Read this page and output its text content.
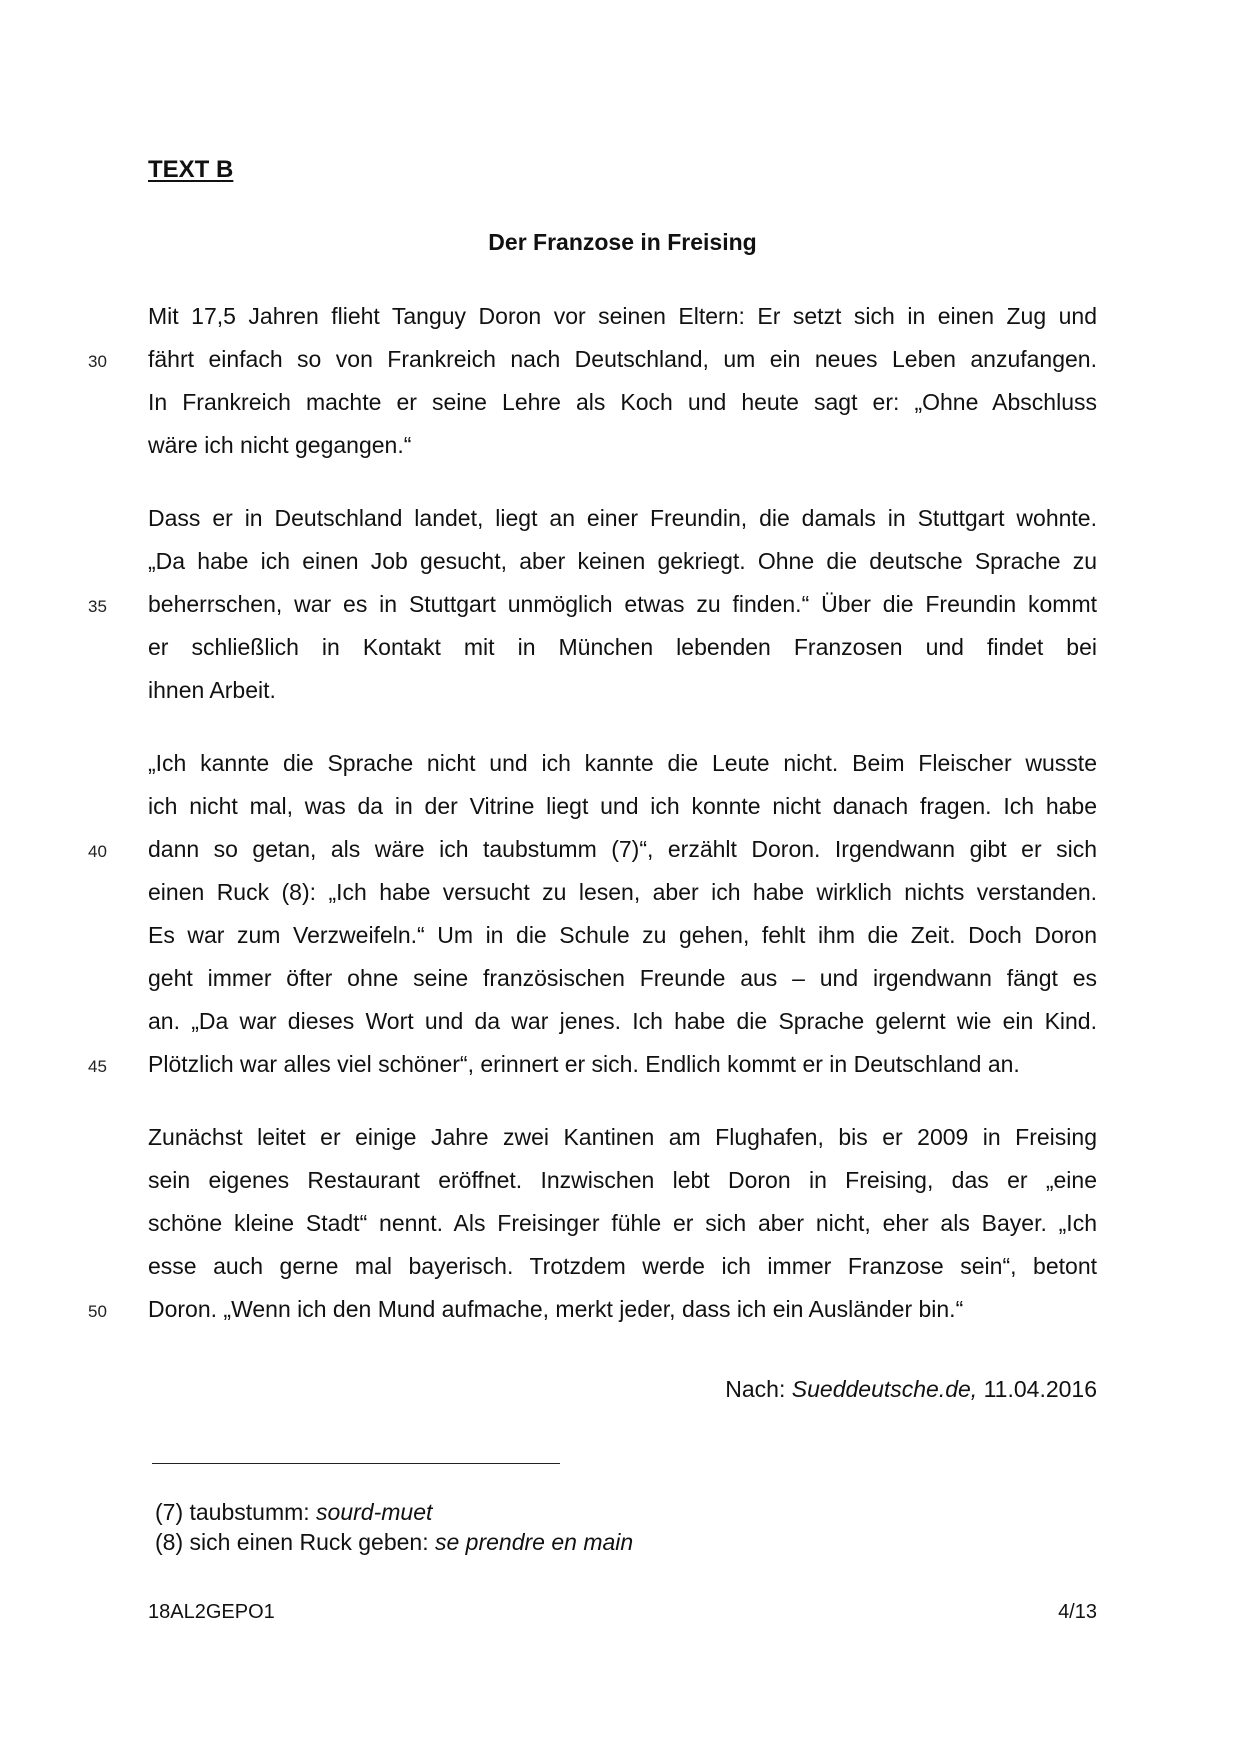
TEXT B
Der Franzose in Freising
Mit 17,5 Jahren flieht Tanguy Doron vor seinen Eltern: Er setzt sich in einen Zug und
30	fährt einfach so von Frankreich nach Deutschland, um ein neues Leben anzufangen.
In Frankreich machte er seine Lehre als Koch und heute sagt er: „Ohne Abschluss
wäre ich nicht gegangen.“
Dass er in Deutschland landet, liegt an einer Freundin, die damals in Stuttgart wohnte.
„Da habe ich einen Job gesucht, aber keinen gekriegt. Ohne die deutsche Sprache zu
35	beherrschen, war es in Stuttgart unmöglich etwas zu finden.“ Über die Freundin kommt
er schließlich in Kontakt mit in München lebenden Franzosen und findet bei
ihnen Arbeit.
„Ich kannte die Sprache nicht und ich kannte die Leute nicht. Beim Fleischer wusste
ich nicht mal, was da in der Vitrine liegt und ich konnte nicht danach fragen. Ich habe
40	dann so getan, als wäre ich taubstumm (7)“, erzählt Doron. Irgendwann gibt er sich
einen Ruck (8): „Ich habe versucht zu lesen, aber ich habe wirklich nichts verstanden.
Es war zum Verzweifeln.“ Um in die Schule zu gehen, fehlt ihm die Zeit. Doch Doron
geht immer öfter ohne seine französischen Freunde aus – und irgendwann fängt es
an. „Da war dieses Wort und da war jenes. Ich habe die Sprache gelernt wie ein Kind.
45	Plötzlich war alles viel schöner“, erinnert er sich. Endlich kommt er in Deutschland an.
Zunächst leitet er einige Jahre zwei Kantinen am Flughafen, bis er 2009 in Freising
sein eigenes Restaurant eröffnet. Inzwischen lebt Doron in Freising, das er „eine
schöne kleine Stadt“ nennt. Als Freisinger fühle er sich aber nicht, eher als Bayer. „Ich
esse auch gerne mal bayerisch. Trotzdem werde ich immer Franzose sein“, betont
50	Doron. „Wenn ich den Mund aufmache, merkt jeder, dass ich ein Ausländer bin.“
Nach: Sueddeutsche.de, 11.04.2016
(7) taubstumm: sourd-muet
(8) sich einen Ruck geben: se prendre en main
18AL2GEPO1	4/13
